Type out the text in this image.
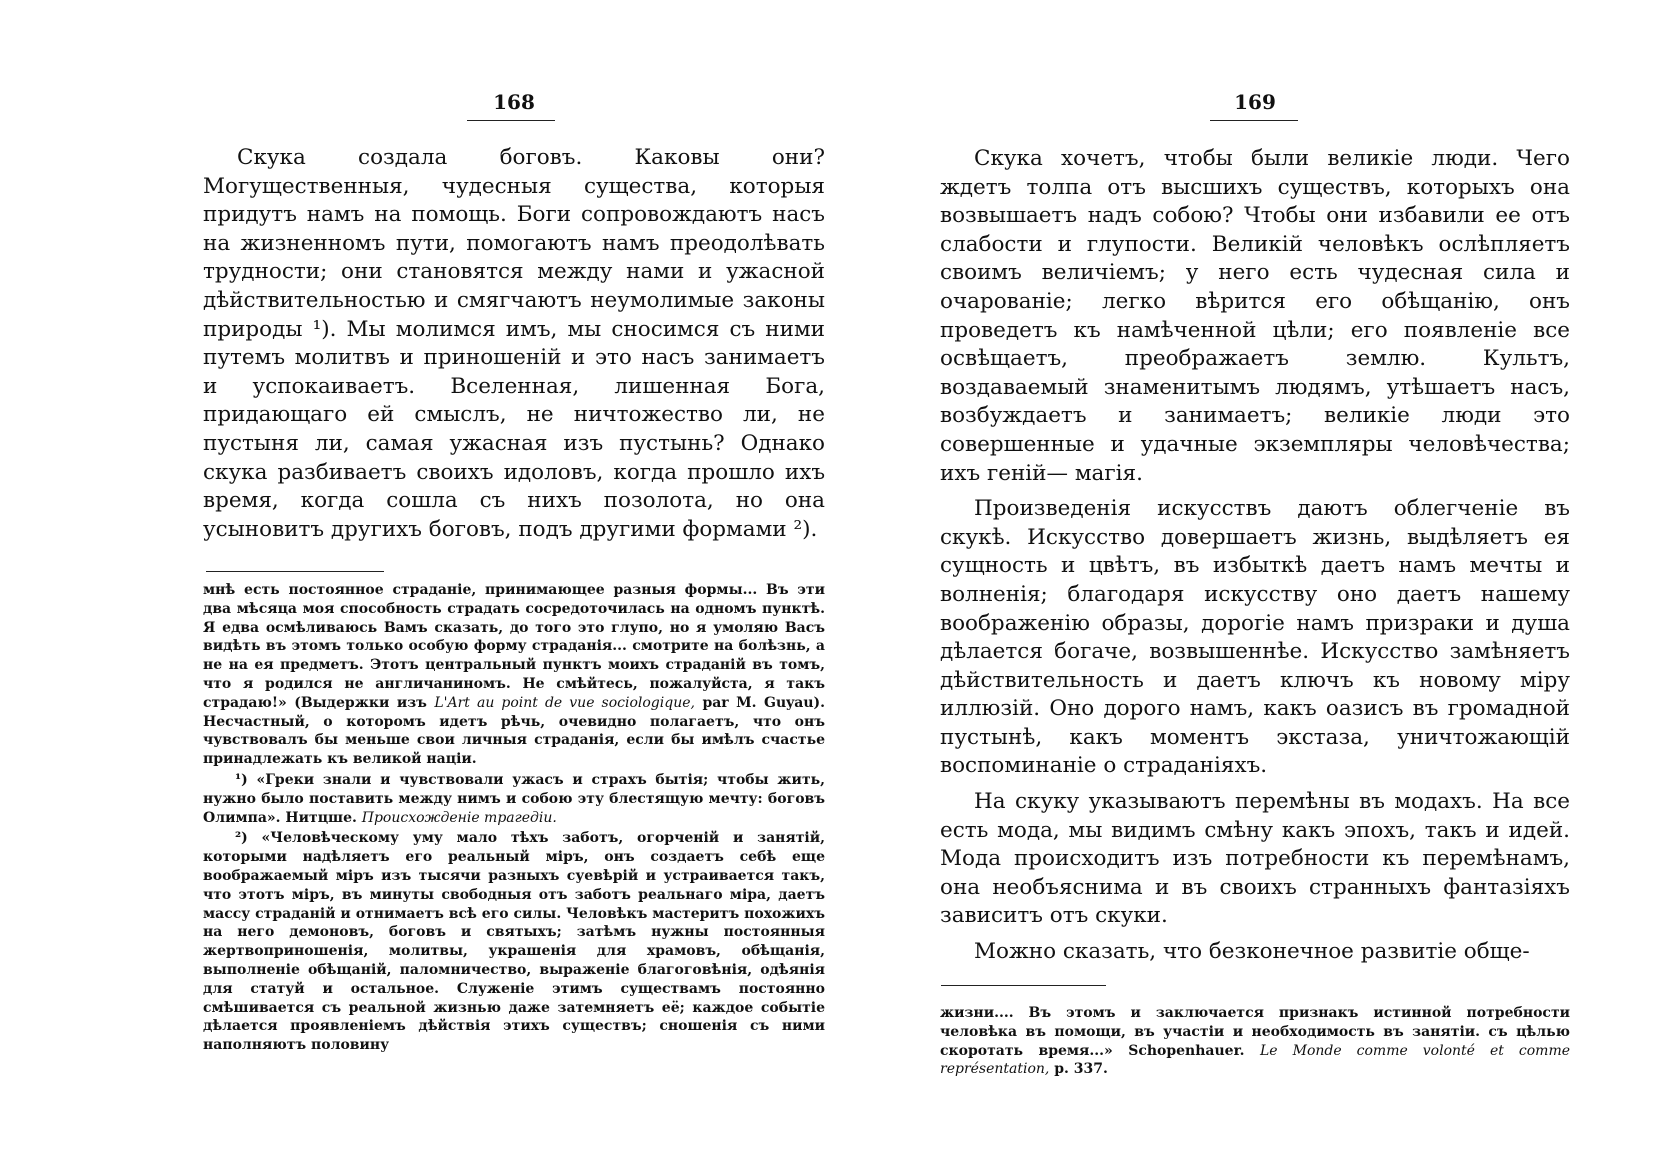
168

Скука создала боговъ. Каковы они? Могущественныя, чудесныя существа, которыя придутъ намъ на помощь. Боги сопровождаютъ насъ на жизненномъ пути, помогаютъ намъ преодолѣвать трудности; они становятся между нами и ужасной дѣйствительностью и смягчаютъ неумолимые законы природы ¹). Мы молимся имъ, мы сносимся съ ними путемъ молитвъ и приношеній и это насъ занимаетъ и успокаиваетъ. Вселенная, лишенная Бога, придающаго ей смыслъ, не ничтожество ли, не пустыня ли, самая ужасная изъ пустынь? Однако скука разбиваетъ своихъ идоловъ, когда прошло ихъ время, когда сошла съ нихъ позолота, но она усыновитъ другихъ боговъ, подъ другими формами ²).

мнѣ есть постоянное страданіе, принимающее разныя формы... Въ эти два мѣсяца моя способность страдать сосредоточилась на одномъ пунктѣ. Я едва осмѣливаюсь Вамъ сказать, до того это глупо, но я умоляю Васъ видѣть въ этомъ только особую форму страданія... смотрите на болѣзнь, а не на ея предметъ. Этотъ центральный пунктъ моихъ страданій въ томъ, что я родился не англичаниномъ. Не смѣйтесь, пожалуйста, я такъ страдаю!» (Выдержки изъ L'Art au point de vue sociologique, par M. Guyau). Несчастный, о которомъ идетъ рѣчь, очевидно полагаетъ, что онъ чувствовалъ бы меньше свои личныя страданія, если бы имѣлъ счастье принадлежать къ великой націи.

¹) «Греки знали и чувствовали ужасъ и страхъ бытія; чтобы жить, нужно было поставить между нимъ и собою эту блестящую мечту: боговъ Олимпа». Нитцше. Происхожденіе трагедіи.

²) «Человѣческому уму мало тѣхъ заботъ, огорченій и занятій, которыми надѣляетъ его реальный міръ, онъ создаетъ себѣ еще воображаемый міръ изъ тысячи разныхъ суевѣрій и устраивается такъ, что этотъ міръ, въ минуты свободныя отъ заботъ реальнаго міра, даетъ массу страданій и отнимаетъ всѣ его силы. Человѣкъ мастеритъ похожихъ на него демоновъ, боговъ и святыхъ; затѣмъ нужны постоянныя жертвоприношенія, молитвы, украшенія для храмовъ, обѣщанія, выполненіе обѣщаній, паломничество, выраженіе благоговѣнія, одѣянія для статуй и остальное. Служеніе этимъ существамъ постоянно смѣшивается съ реальной жизнью даже затемняетъ её; каждое событіе дѣлается проявленіемъ дѣйствія этихъ существъ; сношенія съ ними наполняютъ половину

169

Скука хочетъ, чтобы были великіе люди. Чего ждетъ толпа отъ высшихъ существъ, которыхъ она возвышаетъ надъ собою? Чтобы они избавили ее отъ слабости и глупости. Великій человѣкъ ослѣпляетъ своимъ величіемъ; у него есть чудесная сила и очарованіе; легко вѣрится его обѣщанію, онъ проведетъ къ намѣченной цѣли; его появленіе все освѣщаетъ, преображаетъ землю. Культъ, воздаваемый знаменитымъ людямъ, утѣшаетъ насъ, возбуждаетъ и занимаетъ; великіе люди это совершенные и удачные экземпляры человѣчества; ихъ геній— магія.

Произведенія искусствъ даютъ облегченіе въ скукѣ. Искусство довершаетъ жизнь, выдѣляетъ ея сущность и цвѣтъ, въ избыткѣ даетъ намъ мечты и волненія; благодаря искусству оно даетъ нашему воображенію образы, дорогіе намъ призраки и душа дѣлается богаче, возвышеннѣе. Искусство замѣняетъ дѣйствительность и даетъ ключъ къ новому міру иллюзій. Оно дорого намъ, какъ оазисъ въ громадной пустынѣ, какъ моментъ экстаза, уничтожающій воспоминаніе о страданіяхъ.

На скуку указываютъ перемѣны въ модахъ. На все есть мода, мы видимъ смѣну какъ эпохъ, такъ и идей. Мода происходитъ изъ потребности къ перемѣнамъ, она необъяснима и въ своихъ странныхъ фантазіяхъ зависитъ отъ скуки.

Можно сказать, что безконечное развитіе обще-

жизни.... Въ этомъ и заключается признакъ истинной потребности человѣка въ помощи, въ участіи и необходимость въ занятіи. съ цѣлью скоротать время...» Schopenhauer. Le Monde comme volonté et comme représentation, p. 337.
